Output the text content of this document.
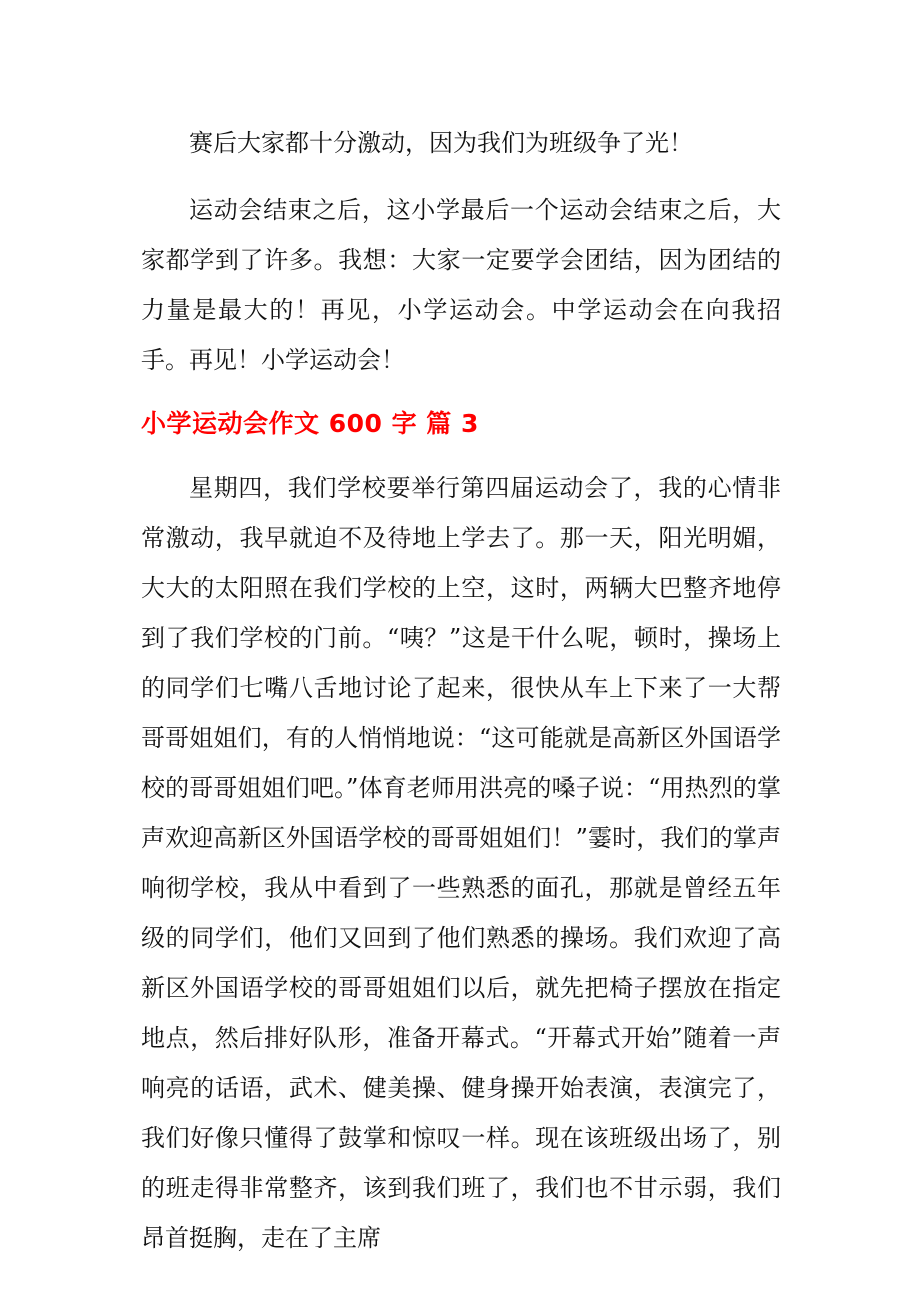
赛后大家都十分激动，因为我们为班级争了光！

运动会结束之后，这小学最后一个运动会结束之后，大家都学到了许多。我想：大家一定要学会团结，因为团结的力量是最大的！再见，小学运动会。中学运动会在向我招手。再见！小学运动会！

小学运动会作文 600 字 篇 3

星期四，我们学校要举行第四届运动会了，我的心情非常激动，我早就迫不及待地上学去了。那一天，阳光明媚，大大的太阳照在我们学校的上空，这时，两辆大巴整齐地停到了我们学校的门前。“咦？”这是干什么呢，顿时，操场上的同学们七嘴八舌地讨论了起来，很快从车上下来了一大帮哥哥姐姐们，有的人悄悄地说：“这可能就是高新区外国语学校的哥哥姐姐们吧。”体育老师用洪亮的嗓子说：“用热烈的掌声欢迎高新区外国语学校的哥哥姐姐们！”霎时，我们的掌声响彻学校，我从中看到了一些熟悉的面孔，那就是曾经五年级的同学们，他们又回到了他们熟悉的操场。我们欢迎了高新区外国语学校的哥哥姐姐们以后，就先把椅子摆放在指定地点，然后排好队形，准备开幕式。“开幕式开始”随着一声响亮的话语，武术、健美操、健身操开始表演，表演完了，我们好像只懂得了鼓掌和惊叹一样。现在该班级出场了，别的班走得非常整齐，该到我们班了，我们也不甘示弱，我们昂首挺胸，走在了主席
